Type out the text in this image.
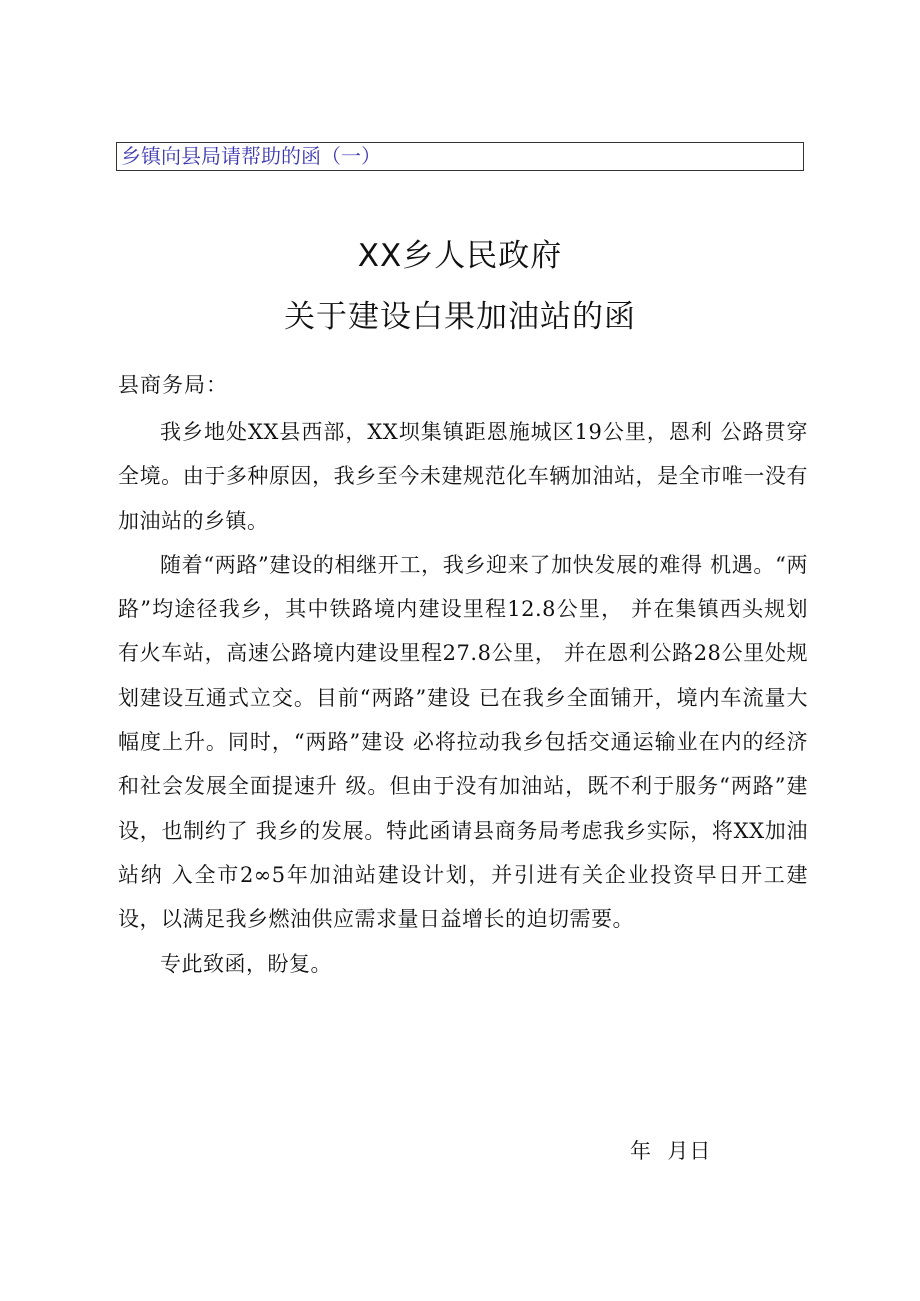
乡镇向县局请帮助的函（一）
XX乡人民政府
关于建设白果加油站的函
县商务局：

我乡地处XX县西部，XX坝集镇距恩施城区19公里，恩利 公路贯穿全境。由于多种原因，我乡至今未建规范化车辆加油站，是全市唯一没有加油站的乡镇。

随着“两路”建设的相继开工，我乡迎来了加快发展的难得 机遇。“两路”均途径我乡，其中铁路境内建设里程12.8公里， 并在集镇西头规划有火车站，高速公路境内建设里程27.8公里， 并在恩利公路28公里处规划建设互通式立交。目前“两路”建设 已在我乡全面铺开，境内车流量大幅度上升。同时，“两路”建设 必将拉动我乡包括交通运输业在内的经济和社会发展全面提速升 级。但由于没有加油站，既不利于服务“两路”建设，也制约了 我乡的发展。特此函请县商务局考虑我乡实际，将XX加油站纳 入全市2∞5年加油站建设计划，并引进有关企业投资早日开工建 设，以满足我乡燃油供应需求量日益增长的迫切需要。

专此致函，盼复。

年  月日
